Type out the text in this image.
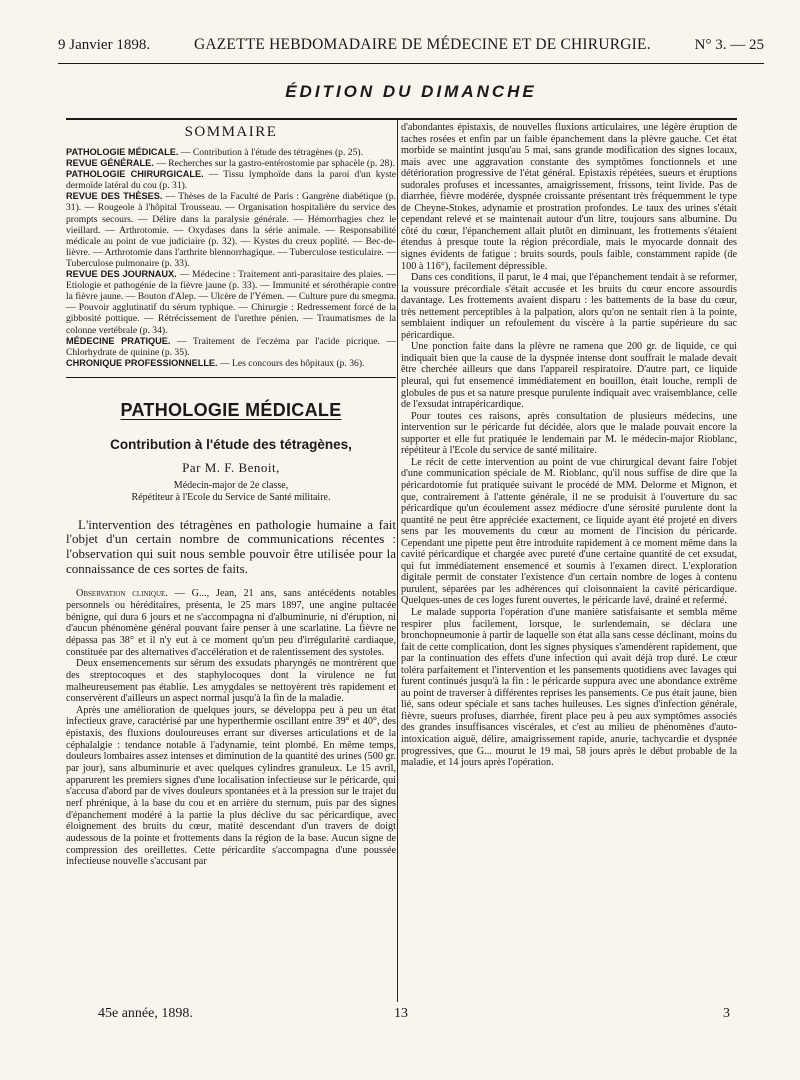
9 Janvier 1898.	GAZETTE HEBDOMADAIRE DE MÉDECINE ET DE CHIRURGIE.	N° 3. — 25
ÉDITION DU DIMANCHE
SOMMAIRE

PATHOLOGIE MÉDICALE. — Contribution à l'étude des tétragènes (p. 25).

REVUE GÉNÉRALE. — Recherches sur la gastro-entérostomie par sphacèle (p. 28).

PATHOLOGIE CHIRURGICALE. — Tissu lymphoïde dans la paroi d'un kyste dermoïde latéral du cou (p. 31).

REVUE DES THÈSES. — Thèses de la Faculté de Paris : Gangrène diabétique (p. 31). — Rougeole à l'hôpital Trousseau. — Organisation hospitalière du service des prompts secours. — Délire dans la paralysie générale. — Hémorrhagies chez le vieillard. — Arthrotomie. — Oxydases dans la série animale. — Responsabilité médicale au point de vue judiciaire (p. 32). — Kystes du creux poplité. — Bec-de-lièvre. — Arthrotomie dans l'arthrite blennorrhagique. — Tuberculose testiculaire. — Tuberculose pulmonaire (p. 33).

REVUE DES JOURNAUX. — Médecine : Traitement anti-parasitaire des plaies. — Etiologie et pathogénie de la fièvre jaune (p. 33). — Immunité et sérothérapie contre la fièvre jaune. — Bouton d'Alep. — Ulcère de l'Yémen. — Culture pure du smegma. — Pouvoir agglutinatif du sérum typhique. — Chirurgie : Redressement forcé de la gibbosité pottique. — Rétrécissement de l'urethre pénien. — Traumatismes de la colonne vertébrale (p. 34).

MÉDECINE PRATIQUE. — Traitement de l'eczéma par l'acide picrique. — Chlorhydrate de quinine (p. 35).

CHRONIQUE PROFESSIONNELLE. — Les concours des hôpitaux (p. 36).

PATHOLOGIE MÉDICALE
Contribution à l'étude des tétragènes,
Par M. F. Benoit,
Médecin-major de 2e classe,
Répétiteur à l'Ecole du Service de Santé militaire.
L'intervention des tétragènes en pathologie humaine a fait l'objet d'un certain nombre de communications récentes : l'observation qui suit nous semble pouvoir être utilisée pour la connaissance de ces sortes de faits.

Observation clinique. — G..., Jean, 21 ans, sans antécédents notables personnels ou héréditaires, présenta, le 25 mars 1897, une angine pultacée bénigne, qui dura 6 jours et ne s'accompagna ni d'albuminurie, ni d'éruption, ni d'aucun phénomène général pouvant faire penser à une scarlatine. La fièvre ne dépassa pas 38° et il n'y eut à ce moment qu'un peu d'irrégularité cardiaque, constituée par des alternatives d'accélération et de ralentissement des systoles.

Deux ensemencements sur sérum des exsudats pharyngés ne montrèrent que des streptocoques et des staphylocoques dont la virulence ne fut malheureusement pas établie. Les amygdales se nettoyèrent très rapidement et conservèrent d'ailleurs un aspect normal jusqu'à la fin de la maladie.

Après une amélioration de quelques jours, se développa peu à peu un état infectieux grave, caractérisé par une hyperthermie oscillant entre 39° et 40°, des épistaxis, des fluxions douloureuses errant sur diverses articulations et de la céphalalgie : tendance notable à l'adynamie, teint plombé. En même temps, douleurs lombaires assez intenses et diminution de la quantité des urines (500 gr. par jour), sans albuminurie et avec quelques cylindres granuleux. Le 15 avril, apparurent les premiers signes d'une localisation infectieuse sur le péricarde, qui s'accusa d'abord par de vives douleurs spontanées et à la pression sur le trajet du nerf phrénique, à la base du cou et en arrière du sternum, puis par des signes d'épanchement modéré à la partie la plus déclive du sac péricardique, avec éloignement des bruits du cœur, matité descendant d'un travers de doigt audessous de la pointe et frottements dans la région de la base. Aucun signe de compression des oreillettes. Cette péricardite s'accompagna d'une poussée infectieuse nouvelle s'accusant par

d'abondantes épistaxis, de nouvelles fluxions articulaires, une légère éruption de taches rosées et enfin par un faible épanchement dans la plèvre gauche. Cet état morbide se maintint jusqu'au 5 mai, sans grande modification des signes locaux, mais avec une aggravation constante des symptômes fonctionnels et une détérioration progressive de l'état général. Epistaxis répétées, sueurs et éruptions sudorales profuses et incessantes, amaigrissement, frissons, teint livide. Pas de diarrhée, fièvre modérée, dyspnée croissante présentant très fréquemment le type de Cheyne-Stokes, adynamie et prostration profondes. Le taux des urines s'était cependant relevé et se maintenait autour d'un litre, toujours sans albumine. Du côté du cœur, l'épanchement allait plutôt en diminuant, les frottements s'étaient étendus à presque toute la région précordiale, mais le myocarde donnait des signes évidents de fatigue : bruits sourds, pouls faible, constamment rapide (de 100 à 116°), facilement dépressible.

Dans ces conditions, il parut, le 4 mai, que l'épanchement tendait à se reformer, la voussure précordiale s'était accusée et les bruits du cœur encore assourdis davantage. Les frottements avaient disparu : les battements de la base du cœur, très nettement perceptibles à la palpation, alors qu'on ne sentait rien à la pointe, semblaient indiquer un refoulement du viscère à la partie supérieure du sac péricardique.

Une ponction faite dans la plèvre ne ramena que 200 gr. de liquide, ce qui indiquait bien que la cause de la dyspnée intense dont souffrait le malade devait être cherchée ailleurs que dans l'appareil respiratoire. D'autre part, ce liquide pleural, qui fut ensemencé immédiatement en bouillon, était louche, rempli de globules de pus et sa nature presque purulente indiquait avec vraisemblance, celle de l'exsudat intrapéricardique.

Pour toutes ces raisons, après consultation de plusieurs médecins, une intervention sur le péricarde fut décidée, alors que le malade pouvait encore la supporter et elle fut pratiquée le lendemain par M. le médecin-major Rioblanc, répétiteur à l'Ecole du service de santé militaire.

Le récit de cette intervention au point de vue chirurgical devant faire l'objet d'une communication spéciale de M. Rioblanc, qu'il nous suffise de dire que la péricardotomie fut pratiquée suivant le procédé de MM. Delorme et Mignon, et que, contrairement à l'attente générale, il ne se produisit à l'ouverture du sac péricardique qu'un écoulement assez médiocre d'une sérosité purulente dont la quantité ne peut être appréciée exactement, ce liquide ayant été projeté en divers sens par les mouvements du cœur au moment de l'incision du péricarde. Cependant une pipette peut être introduite rapidement à ce moment même dans la cavité péricardique et chargée avec pureté d'une certaine quantité de cet exsudat, qui fut immédiatement ensemencé et soumis à l'examen direct. L'exploration digitale permit de constater l'existence d'un certain nombre de loges à contenu purulent, séparées par les adhérences qui cloisonnaient la cavité péricardique. Quelques-unes de ces loges furent ouvertes, le péricarde lavé, drainé et refermé.

Le malade supporta l'opération d'une manière satisfaisante et sembla même respirer plus facilement, lorsque, le surlendemain, se déclara une bronchopneumonie à partir de laquelle son état alla sans cesse déclinant, moins du fait de cette complication, dont les signes physiques s'amendèrent rapidement, que par la continuation des effets d'une infection qui avait déjà trop duré. Le cœur toléra parfaitement et l'intervention et les pansements quotidiens avec lavages qui furent continués jusqu'à la fin : le péricarde suppura avec une abondance extrême au point de traverser à différentes reprises les pansements. Ce pus était jaune, bien lié, sans odeur spéciale et sans taches huileuses. Les signes d'infection générale, fièvre, sueurs profuses, diarrhée, firent place peu à peu aux symptômes associés des grandes insuffisances viscérales, et c'est au milieu de phénomènes d'auto-intoxication aiguë, délire, amaigrissement rapide, anurie, tachycardie et dyspnée progressives, que G... mourut le 19 mai, 58 jours après le début probable de la maladie, et 14 jours après l'opération.

45e année, 1898.	13	3
